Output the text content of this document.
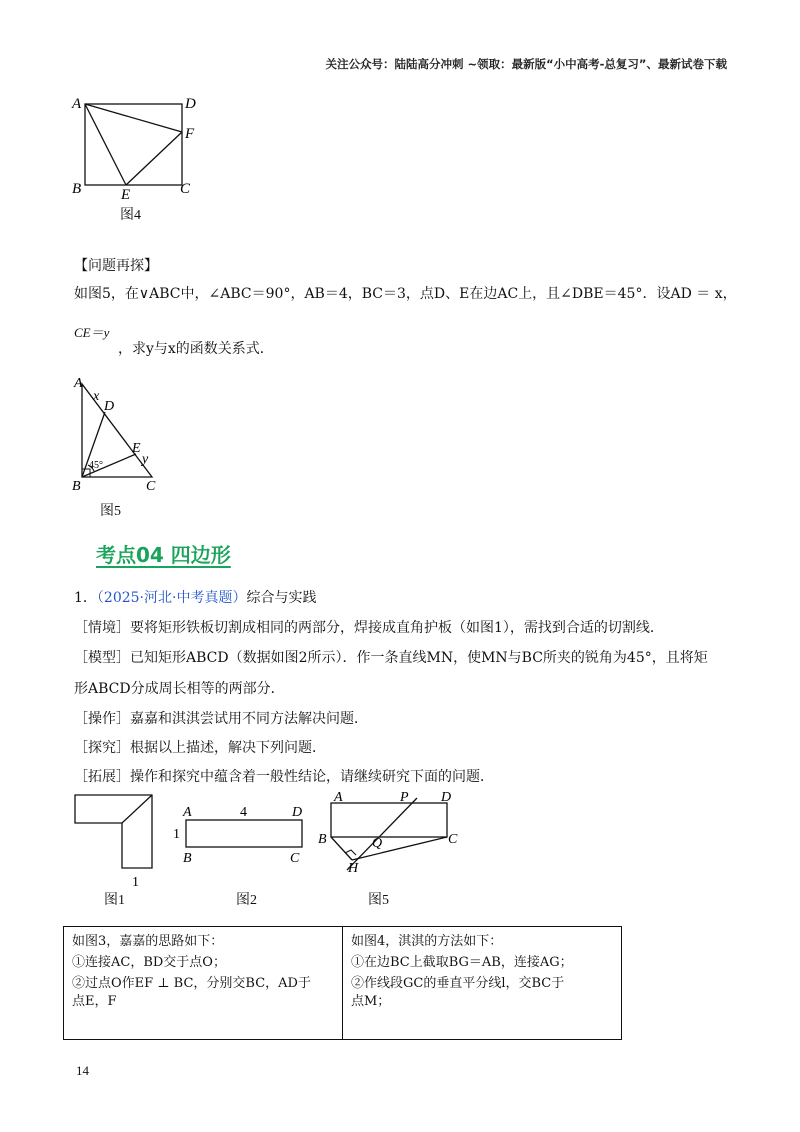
关注公众号：陆陆高分冲刺 ~领取：最新版“小中高考-总复习”、最新试卷下载
A	D
F
B	E	C
图4
【问题再探】
如图5，在∨ABC中，∠ABC＝90°，AB＝4，BC＝3，点D、E在边AC上，且∠DBE＝45°．设AD ＝ x，
CE＝y
，求y与x的函数关系式．
A
x
D
E
y
45°
B	C
图5
考点04 四边形
1．（2025·河北·中考真题）综合与实践
［情境］要将矩形铁板切割成相同的两部分，焊接成直角护板（如图1），需找到合适的切割线．
［模型］已知矩形ABCD（数据如图2所示）．作一条直线MN，使MN与BC所夹的锐角为45°，且将矩
形ABCD分成周长相等的两部分．
［操作］嘉嘉和淇淇尝试用不同方法解决问题．
［探究］根据以上描述，解决下列问题．
［拓展］操作和探究中蕴含着一般性结论，请继续研究下面的问题．
1
图1
A	4	D
1
B	C
图2
A	P D
B	Q	C
H
图5
如图3，嘉嘉的思路如下：
①连接AC，BD交于点O；
②过点O作EF ⊥ BC，分别交BC，AD于
点E，F

如图4，淇淇的方法如下：
①在边BC上截取BG＝AB，连接AG；
②作线段GC的垂直平分线l，交BC于
点M；
14
